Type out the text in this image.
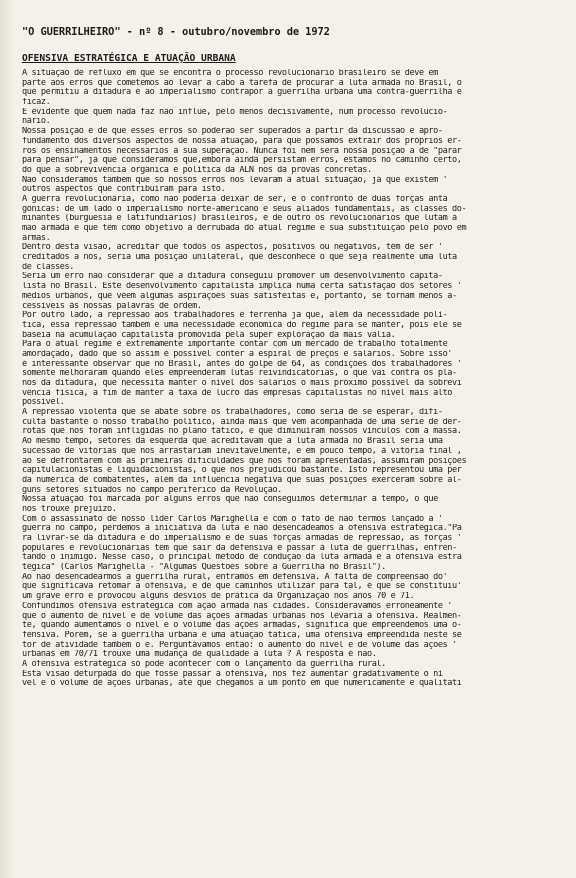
"O GUERRILHEIRO" - nº 8 - outubro/novembro de 1972
OFENSIVA ESTRATÉGICA E ATUAÇÃO URBANA
A situação de refluxo em que se encontra o processo revolucionário brasileiro se deve em
parte aos erros que cometemos ao levar a cabo a tarefa de procurar a luta armada no Brasil, o
que permitiu à ditadura e ao imperialismo contrapor à guerrilha urbana uma contra-guerrilha e
ficaz.
É evidente que quem nada faz não influe, pelo menos decisivamente, num processo revolucio-
nário.
Nossa posição é de que esses erros só poderão ser superados a partir da discussão e apro-
fundamento dos diversos aspectos de nossa atuação, para que possamos extrair dos próprios er-
ros os ensinamentos necessários à sua superação. Nunca foi nem será nossa posição a de "parar
para pensar", já que consideramos que,embora ainda persistam erros, estamos no caminho certo,
do que a sobrevivência orgânica e política da ALN nos dá provas concretas.
Não consideramos também que só nossos erros nos levaram à atual situação, já que existem '
outros aspectos que contribuíram para isto.
A guerra revolucionária, como não poderia deixar de ser, é o confronto de duas forças anta
gônicas: de um lado o imperialismo norte-americano e seus aliados fundamentais, as classes do-
minantes (burguesia e latifundiários) brasileiros, e de outro os revolucionários que lutam à
mão armada e que têm como objetivo a derrubada do atual regime e sua substituição pelo povo em
armas.
Dentro desta visão, acreditar que todos os aspectos, positivos ou negativos, têm de ser '
creditados a nós, seria uma posição unilateral, que desconhece o que seja realmente uma luta
de classes.
Seria um erro não considerar que a ditadura conseguiu promover um desenvolvimento capita-
lista no Brasil. Este desenvolvimento capitalista implica numa certa satisfação dos setores '
médios urbanos, que vêem algumas aspirações suas satisfeitas e, portanto, se tornam menos a-
cessíveis às nossas palavras de ordem.
Por outro lado, a repressão aos trabalhadores é ferrenha já que, além da necessidade polí-
tica, essa repressão também é uma necessidade econômica do regime para se manter, pois ele se
baseia na acumulação capitalista promovida pela super exploração da mais valia.
Para o atual regime é extremamente importante contar com um mercado de trabalho totalmente
amordaçado, dado que só assim é possível conter a espiral de preços e salários. Sobre isso'
é interessante observar que no Brasil, antes do golpe de 64, as condições dos trabalhadores '
somente melhoraram quando eles empreenderam lutas reivindicatórias, o que vai contra os pla-
nos da ditadura, que necessita manter o nível dos salários o mais próximo possível da sobrevi
vência física, a fim de manter a taxa de lucro das empresas capitalistas no nível mais alto
possível.
A repressão violenta que se abate sobre os trabalhadores, como seria de se esperar, difi-
culta bastante o nosso trabalho político, ainda mais que vem acompanhada de uma série de der-
rotas que nos foram infligidas no plano tático, e que diminuíram nossos vínculos com a massa.
Ao mesmo tempo, setores da esquerda que acreditavam que a luta armada no Brasil seria uma
sucessão de vitórias que nos arrastariam inevitavelmente, e em pouco tempo, à vitória final ,
ao se defrontarem com as primeiras dificuldades que nos foram apresentadas, assumiram posições
capitulacionistas e liquidacionistas, o que nos prejudicou bastante. Isto representou uma per
da numérica de combatentes, além da influência negativa que suas posições exerceram sobre al-
guns setores situados no campo periférico da Revolução.
Nossa atuação foi marcada por alguns erros que não conseguimos determinar a tempo, o que
nos trouxe prejuízo.
Com o assassinato de nosso líder Carlos Marighella e com o fato de não termos lançado a '
guerra no campo, perdemos a iniciativa da luta e não desencadeamos a ofensiva estratégica."Pa
ra livrar-se da ditadura e do imperialismo e de suas forças armadas de repressão, as forças '
populares e revolucionárias têm que sair da defensiva e passar à luta de guerrilhas, enfren-
tando o inimigo. Nesse caso, o principal método de condução da luta armada é a ofensiva estra
tégica" (Carlos Marighella - "Algumas Questões sobre a Guerrilha no Brasil").
Ao não desencadearmos a guerrilha rural, entramos em defensiva. A falta de compreensão do'
que significava retomar a ofensiva, e de que caminhos utilizar para tal, é que se constituiu'
um grave erro e provocou alguns desvios de prática da Organização nos anos 70 e 71.
Confundimos ofensiva estratégica com ação armada nas cidades. Considerávamos erroneamente '
que o aumento de nível e de volume das ações armadas urbanas nos levaria à ofensiva. Realmen-
te, quando aumentamos o nível e o volume das ações armadas, significa que empreendemos uma o-
fensiva. Porém, se a guerrilha urbana é uma atuação tática, uma ofensiva empreendida neste se
tor de atividade também o é. Perguntávamos então: o aumento do nível e de volume das ações '
urbanas em 70/71 trouxe uma mudança de qualidade à luta ? A resposta é não.
A ofensiva estratégica só pode acontecer com o lançamento da guerrilha rural.
Esta visão deturpada do que fosse passar à ofensiva, nos fez aumentar gradativamente o ní
vel e o volume de ações urbanas, até que chegamos a um ponto em que numericamente e qualitati
